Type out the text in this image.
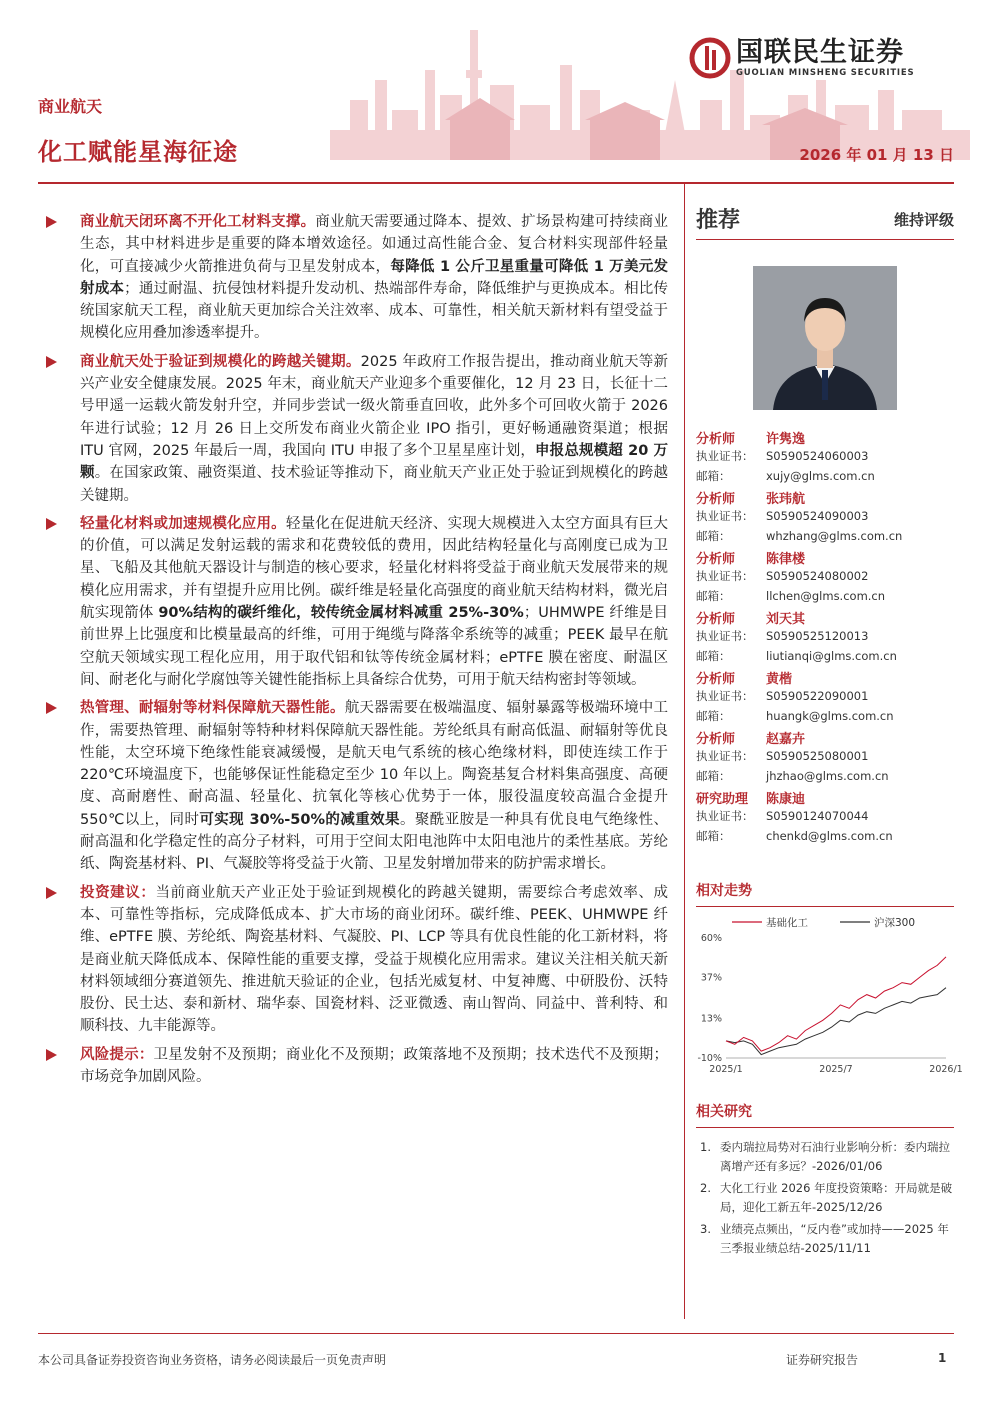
国联民生证券
GUOLIAN MINSHENG SECURITIES
商业航天
化工赋能星海征途	2026 年 01 月 13 日
商业航天闭环离不开化工材料支撑。商业航天需要通过降本、提效、扩场景构建可持续商业生态，其中材料进步是重要的降本增效途径。如通过高性能合金、复合材料实现部件轻量化，可直接减少火箭推进负荷与卫星发射成本，每降低 1 公斤卫星重量可降低 1 万美元发射成本；通过耐温、抗侵蚀材料提升发动机、热端部件寿命，降低维护与更换成本。相比传统国家航天工程，商业航天更加综合关注效率、成本、可靠性，相关航天新材料有望受益于规模化应用叠加渗透率提升。
商业航天处于验证到规模化的跨越关键期。2025 年政府工作报告提出，推动商业航天等新兴产业安全健康发展。2025 年末，商业航天产业迎多个重要催化，12 月 23 日，长征十二号甲遥一运载火箭发射升空，并同步尝试一级火箭垂直回收，此外多个可回收火箭于 2026 年进行试验；12 月 26 日上交所发布商业火箭企业 IPO 指引，更好畅通融资渠道；根据 ITU 官网，2025 年最后一周，我国向 ITU 申报了多个卫星星座计划，申报总规模超 20 万颗。在国家政策、融资渠道、技术验证等推动下，商业航天产业正处于验证到规模化的跨越关键期。
轻量化材料或加速规模化应用。轻量化在促进航天经济、实现大规模进入太空方面具有巨大的价值，可以满足发射运载的需求和花费较低的费用，因此结构轻量化与高刚度已成为卫星、飞船及其他航天器设计与制造的核心要求，轻量化材料将受益于商业航天发展带来的规模化应用需求，并有望提升应用比例。碳纤维是轻量化高强度的商业航天结构材料，微光启航实现箭体 90%结构的碳纤维化，较传统金属材料减重 25%-30%；UHMWPE 纤维是目前世界上比强度和比模量最高的纤维，可用于绳缆与降落伞系统等的减重；PEEK 最早在航空航天领域实现工程化应用，用于取代铝和钛等传统金属材料；ePTFE 膜在密度、耐温区间、耐老化与耐化学腐蚀等关键性能指标上具备综合优势，可用于航天结构密封等领域。
热管理、耐辐射等材料保障航天器性能。航天器需要在极端温度、辐射暴露等极端环境中工作，需要热管理、耐辐射等特种材料保障航天器性能。芳纶纸具有耐高低温、耐辐射等优良性能，太空环境下绝缘性能衰减缓慢，是航天电气系统的核心绝缘材料，即使连续工作于 220℃环境温度下，也能够保证性能稳定至少 10 年以上。陶瓷基复合材料集高强度、高硬度、高耐磨性、耐高温、轻量化、抗氧化等核心优势于一体，服役温度较高温合金提升 550℃以上，同时可实现 30%-50%的减重效果。聚酰亚胺是一种具有优良电气绝缘性、耐高温和化学稳定性的高分子材料，可用于空间太阳电池阵中太阳电池片的柔性基底。芳纶纸、陶瓷基材料、PI、气凝胶等将受益于火箭、卫星发射增加带来的防护需求增长。
投资建议：当前商业航天产业正处于验证到规模化的跨越关键期，需要综合考虑效率、成本、可靠性等指标，完成降低成本、扩大市场的商业闭环。碳纤维、PEEK、UHMWPE 纤维、ePTFE 膜、芳纶纸、陶瓷基材料、气凝胶、PI、LCP 等具有优良性能的化工新材料，将是商业航天降低成本、保障性能的重要支撑，受益于规模化应用需求。建议关注相关航天新材料领域细分赛道领先、推进航天验证的企业，包括光威复材、中复神鹰、中研股份、沃特股份、民士达、泰和新材、瑞华泰、国瓷材料、泛亚微透、南山智尚、同益中、普利特、和顺科技、九丰能源等。
风险提示：卫星发射不及预期；商业化不及预期；政策落地不及预期；技术迭代不及预期；市场竞争加剧风险。
推荐	维持评级
分析师	许隽逸
执业证书：	S0590524060003
邮箱：	xujy@glms.com.cn
分析师	张玮航
执业证书：	S0590524090003
邮箱：	whzhang@glms.com.cn
分析师	陈律楼
执业证书：	S0590524080002
邮箱：	llchen@glms.com.cn
分析师	刘天其
执业证书：	S0590525120013
邮箱：	liutianqi@glms.com.cn
分析师	黄楷
执业证书：	S0590522090001
邮箱：	huangk@glms.com.cn
分析师	赵嘉卉
执业证书：	S0590525080001
邮箱：	jhzhao@glms.com.cn
研究助理	陈康迪
执业证书：	S0590124070044
邮箱：	chenkd@glms.com.cn
相对走势
基础化工	沪深300
60%
37%
13%
-10%
2025/1	2025/7	2026/1
相关研究
1. 委内瑞拉局势对石油行业影响分析：委内瑞拉离增产还有多远？-2026/01/06
2. 大化工行业 2026 年度投资策略：开局就是破局，迎化工新五年-2025/12/26
3. 业绩亮点频出，“反内卷”或加持——2025 年三季报业绩总结-2025/11/11
本公司具备证券投资咨询业务资格，请务必阅读最后一页免责声明	证券研究报告	1
